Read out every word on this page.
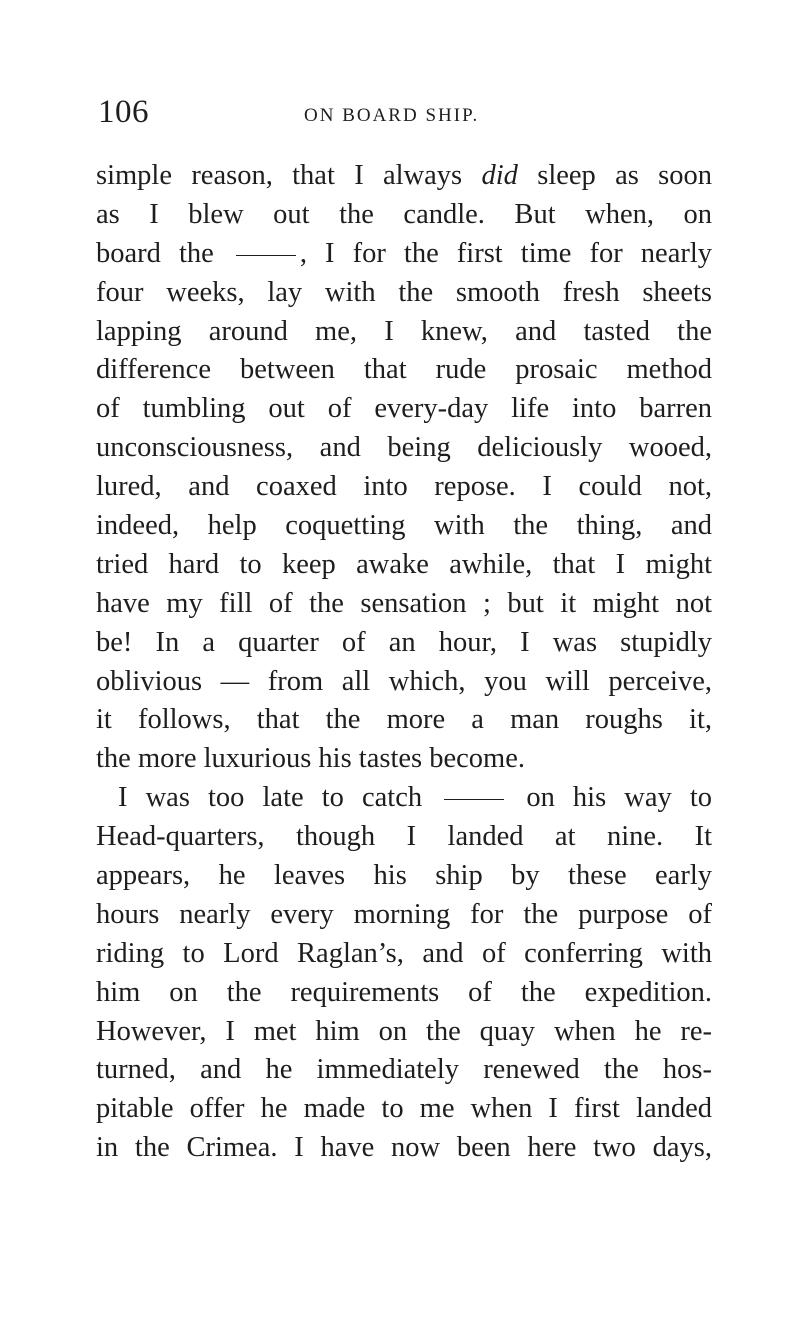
106	ON BOARD SHIP.
simple reason, that I always did sleep as soon
as I blew out the candle. But when, on
board the	, I for the first time for nearly
four weeks, lay with the smooth fresh sheets
lapping around me, I knew, and tasted the
difference between that rude prosaic method
of tumbling out of every-day life into barren
unconsciousness, and being deliciously wooed,
lured, and coaxed into repose. I could not,
indeed, help coquetting with the thing, and
tried hard to keep awake awhile, that I might
have my fill of the sensation ; but it might not
be! In a quarter of an hour, I was stupidly
oblivious — from all which, you will perceive,
it follows, that the more a man roughs it,
the more luxurious his tastes become.
I was too late to catch	on his way to
Head-quarters, though I landed at nine. It
appears, he leaves his ship by these early
hours nearly every morning for the purpose of
riding to Lord Raglan’s, and of conferring with
him on the requirements of the expedition.
However, I met him on the quay when he re-
turned, and he immediately renewed the hos-
pitable offer he made to me when I first landed
in the Crimea. I have now been here two days,
